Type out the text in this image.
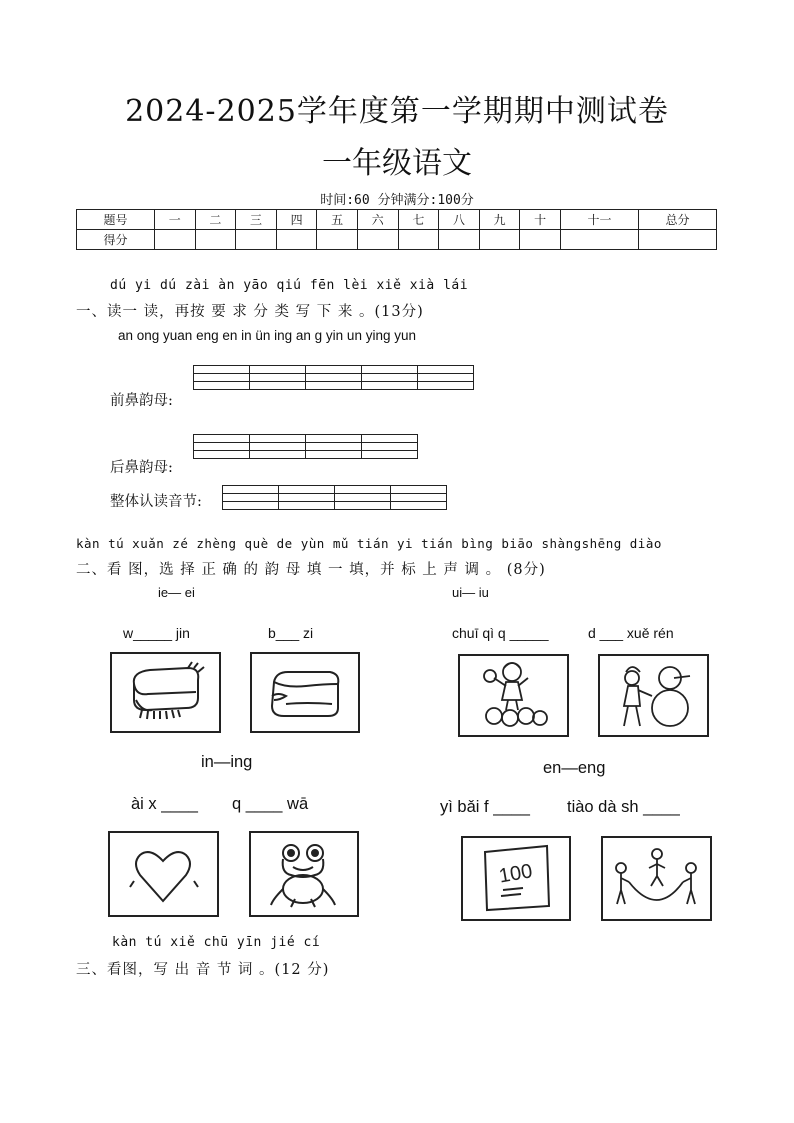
2024-2025学年度第一学期期中测试卷
一年级语文
时间:60 分钟满分:100分
题号	一	二	三	四	五	六	七	八	九	十	十一	总分
得分												
dú yi dú zài àn yāo qiú fēn lèi xiě xià lái
一、读一 读，再按 要 求 分 类 写 下 来 。(13分)
an ong yuan eng en in ün ing an g yin un ying yun

前鼻韵母:

后鼻韵母:

整体认读音节:
kàn tú xuǎn zé zhèng què de yùn mǔ tián yi tián bìng biāo shàngshēng diào
二、看 图，选 择 正 确 的 韵 母 填 一 填，并 标 上 声 调 。 (8分)
ie— ei	ui— iu
w_____ jin	b___ zi	chuī qì q _____	d ___ xuě rén
in—ing	en—eng
ài x ____ q ____ wā	yì bǎi f ____ tiào dà sh ____
100
kàn tú xiě chū yīn jié cí
三、看图，写 出 音 节 词 。(12 分)
